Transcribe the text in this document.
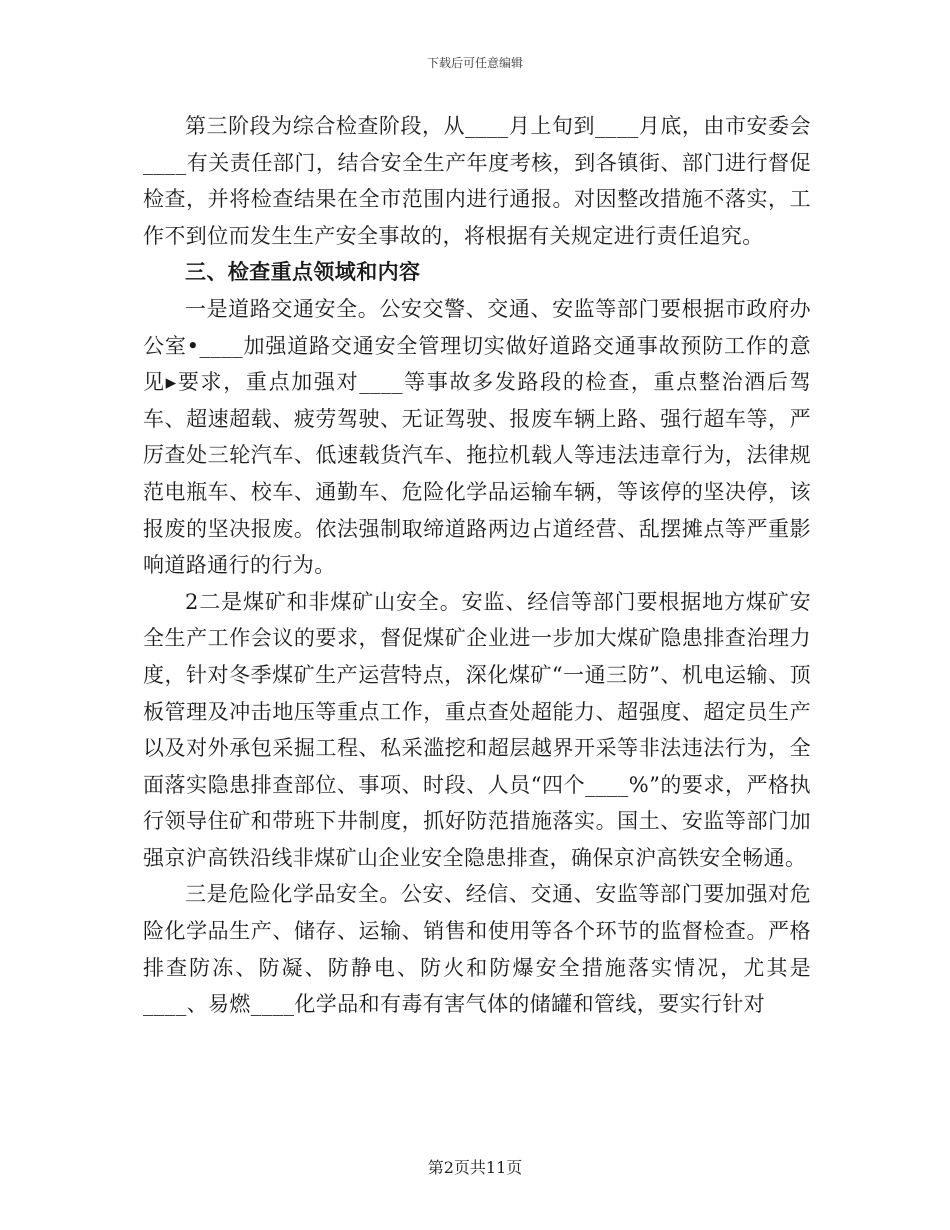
下载后可任意编辑

第三阶段为综合检查阶段，从____月上旬到____月底，由市安委会____有关责任部门，结合安全生产年度考核，到各镇街、部门进行督促检查，并将检查结果在全市范围内进行通报。对因整改措施不落实，工作不到位而发生生产安全事故的，将根据有关规定进行责任追究。

三、检查重点领域和内容

一是道路交通安全。公安交警、交通、安监等部门要根据市政府办公室•____加强道路交通安全管理切实做好道路交通事故预防工作的意见▸要求，重点加强对____等事故多发路段的检查，重点整治酒后驾车、超速超载、疲劳驾驶、无证驾驶、报废车辆上路、强行超车等，严厉查处三轮汽车、低速载货汽车、拖拉机载人等违法违章行为，法律规范电瓶车、校车、通勤车、危险化学品运输车辆，等该停的坚决停，该报废的坚决报废。依法强制取缔道路两边占道经营、乱摆摊点等严重影响道路通行的行为。

2二是煤矿和非煤矿山安全。安监、经信等部门要根据地方煤矿安全生产工作会议的要求，督促煤矿企业进一步加大煤矿隐患排查治理力度，针对冬季煤矿生产运营特点，深化煤矿“一通三防”、机电运输、顶板管理及冲击地压等重点工作，重点查处超能力、超强度、超定员生产以及对外承包采掘工程、私采滥挖和超层越界开采等非法违法行为，全面落实隐患排查部位、事项、时段、人员“四个____%”的要求，严格执行领导住矿和带班下井制度，抓好防范措施落实。国土、安监等部门加强京沪高铁沿线非煤矿山企业安全隐患排查，确保京沪高铁安全畅通。

三是危险化学品安全。公安、经信、交通、安监等部门要加强对危险化学品生产、储存、运输、销售和使用等各个环节的监督检查。严格排查防冻、防凝、防静电、防火和防爆安全措施落实情况，尤其是____、易燃____化学品和有毒有害气体的储罐和管线，要实行针对

第2页共11页
